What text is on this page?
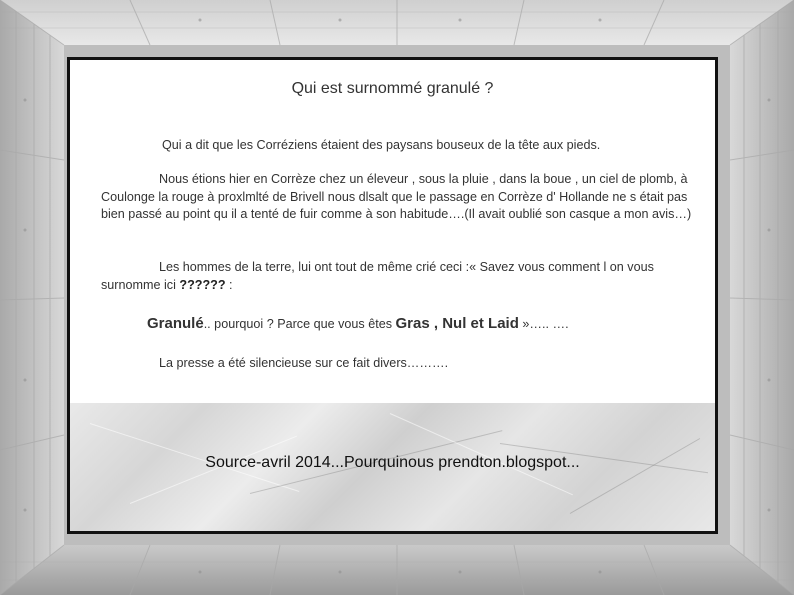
Qui est surnommé granulé ?
Qui a dit que les Corréziens étaient des paysans bouseux de la tête aux pieds.
Nous étions hier en Corrèze chez un éleveur , sous la pluie , dans la boue , un ciel de plomb, à Coulonge la rouge à proxlmlté de Brivell nous dlsalt que le passage en Corrèze d' Hollande ne s était pas bien passé au point qu il a tenté de fuir comme à son habitude….(Il avait oublié son casque a mon avis…)
Les hommes de la terre, lui ont tout de même crié ceci :« Savez vous comment l on vous surnomme ici ?????? :
Granulé.. pourquoi ? Parce que vous êtes Gras , Nul et Laid »….. ….
La presse a été silencieuse sur ce fait divers……….
Source-avril 2014...Pourquinous prendton.blogspot...
